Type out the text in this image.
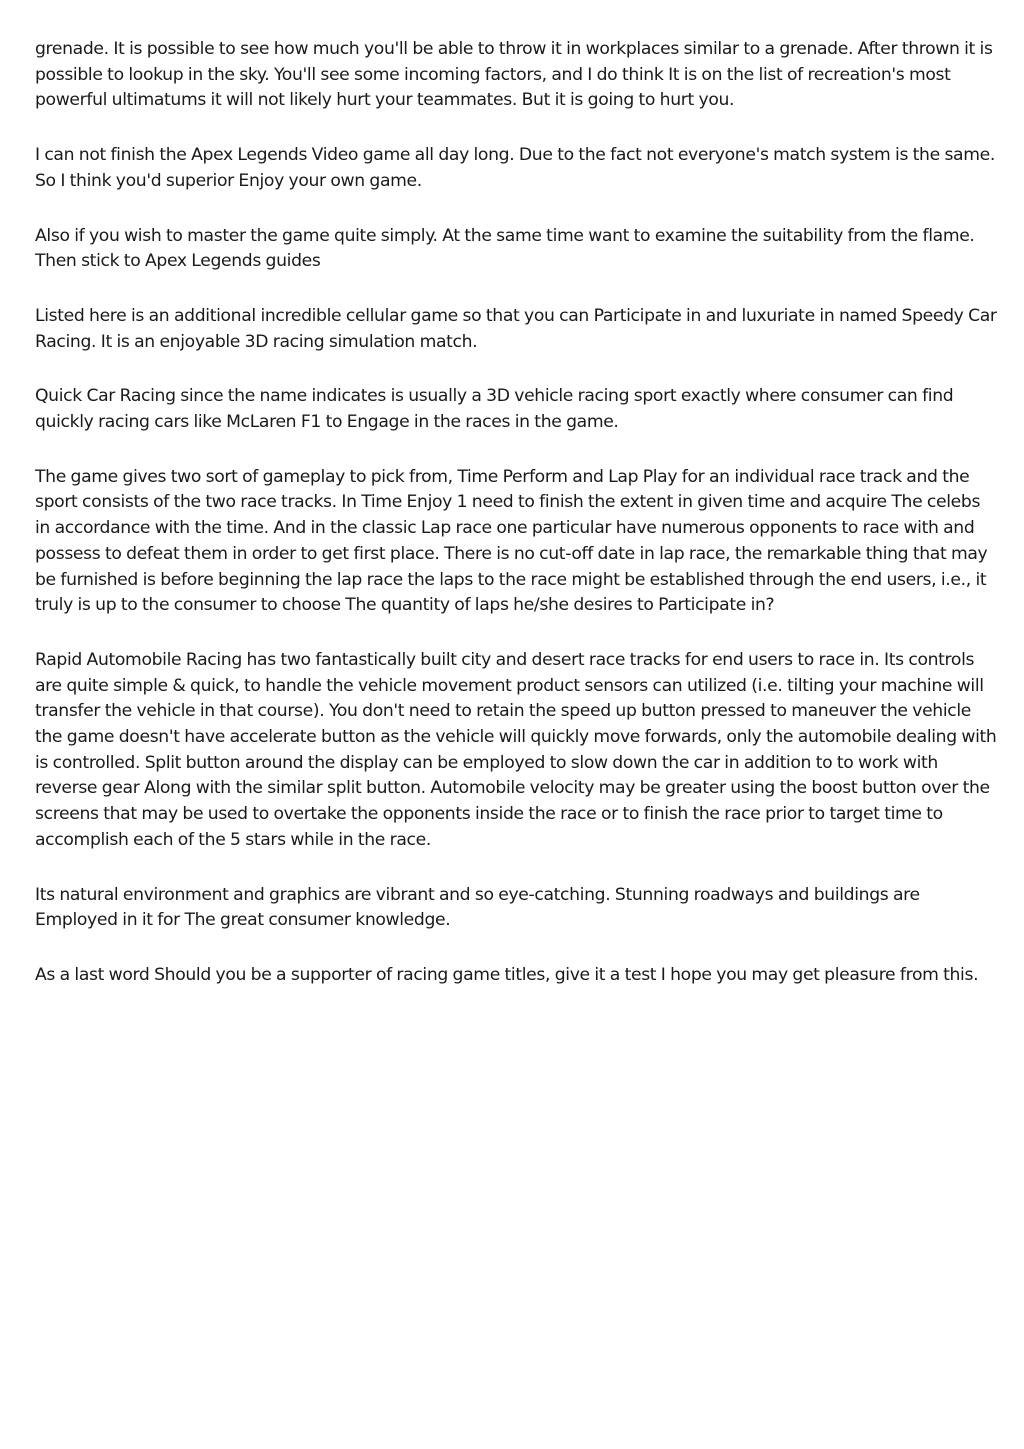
grenade. It is possible to see how much you'll be able to throw it in workplaces similar to a grenade. After thrown it is possible to lookup in the sky. You'll see some incoming factors, and I do think It is on the list of recreation's most powerful ultimatums it will not likely hurt your teammates. But it is going to hurt you.

I can not finish the Apex Legends Video game all day long. Due to the fact not everyone's match system is the same. So I think you'd superior Enjoy your own game.

Also if you wish to master the game quite simply. At the same time want to examine the suitability from the flame. Then stick to Apex Legends guides

Listed here is an additional incredible cellular game so that you can Participate in and luxuriate in named Speedy Car Racing. It is an enjoyable 3D racing simulation match.

Quick Car Racing since the name indicates is usually a 3D vehicle racing sport exactly where consumer can find quickly racing cars like McLaren F1 to Engage in the races in the game.

The game gives two sort of gameplay to pick from, Time Perform and Lap Play for an individual race track and the sport consists of the two race tracks. In Time Enjoy 1 need to finish the extent in given time and acquire The celebs in accordance with the time. And in the classic Lap race one particular have numerous opponents to race with and possess to defeat them in order to get first place. There is no cut-off date in lap race, the remarkable thing that may be furnished is before beginning the lap race the laps to the race might be established through the end users, i.e., it truly is up to the consumer to choose The quantity of laps he/she desires to Participate in?

Rapid Automobile Racing has two fantastically built city and desert race tracks for end users to race in. Its controls are quite simple & quick, to handle the vehicle movement product sensors can utilized (i.e. tilting your machine will transfer the vehicle in that course). You don't need to retain the speed up button pressed to maneuver the vehicle the game doesn't have accelerate button as the vehicle will quickly move forwards, only the automobile dealing with is controlled. Split button around the display can be employed to slow down the car in addition to to work with reverse gear Along with the similar split button. Automobile velocity may be greater using the boost button over the screens that may be used to overtake the opponents inside the race or to finish the race prior to target time to accomplish each of the 5 stars while in the race.

Its natural environment and graphics are vibrant and so eye-catching. Stunning roadways and buildings are Employed in it for The great consumer knowledge.

As a last word Should you be a supporter of racing game titles, give it a test I hope you may get pleasure from this.
